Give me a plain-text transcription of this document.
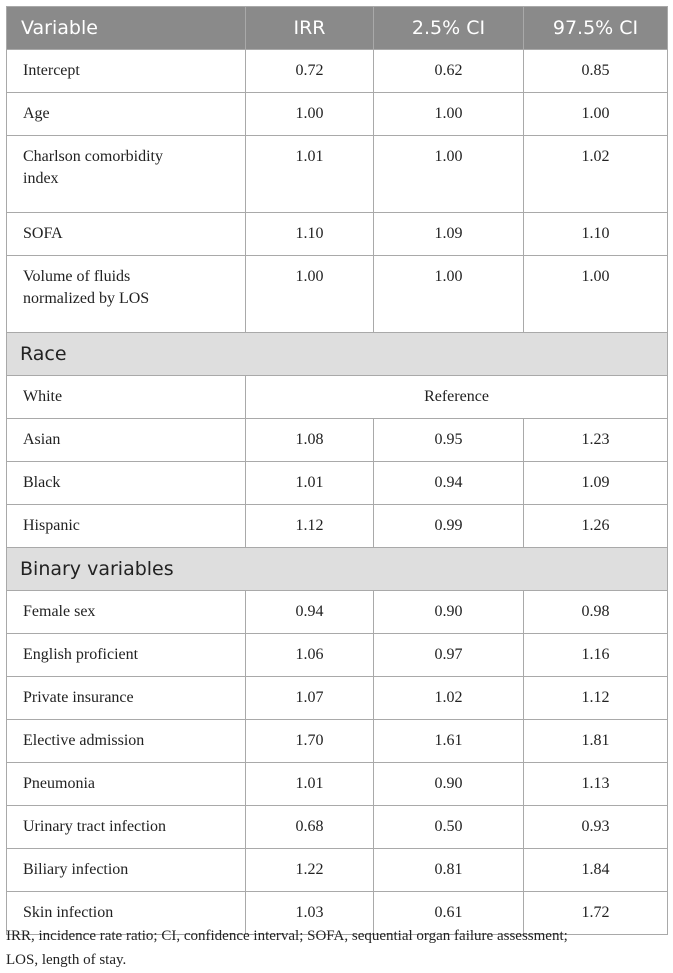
Variable	IRR	2.5% CI	97.5% CI
Intercept	0.72	0.62	0.85
Age	1.00	1.00	1.00
Charlson comorbidity
index	1.01	1.00	1.02
SOFA	1.10	1.09	1.10
Volume of fluids
normalized by LOS	1.00	1.00	1.00
Race			
White	Reference		
Asian	1.08	0.95	1.23
Black	1.01	0.94	1.09
Hispanic	1.12	0.99	1.26
Binary variables			
Female sex	0.94	0.90	0.98
English proficient	1.06	0.97	1.16
Private insurance	1.07	1.02	1.12
Elective admission	1.70	1.61	1.81
Pneumonia	1.01	0.90	1.13
Urinary tract infection	0.68	0.50	0.93
Biliary infection	1.22	0.81	1.84
Skin infection	1.03	0.61	1.72

IRR, incidence rate ratio; CI, confidence interval; SOFA, sequential organ failure assessment;
LOS, length of stay.
